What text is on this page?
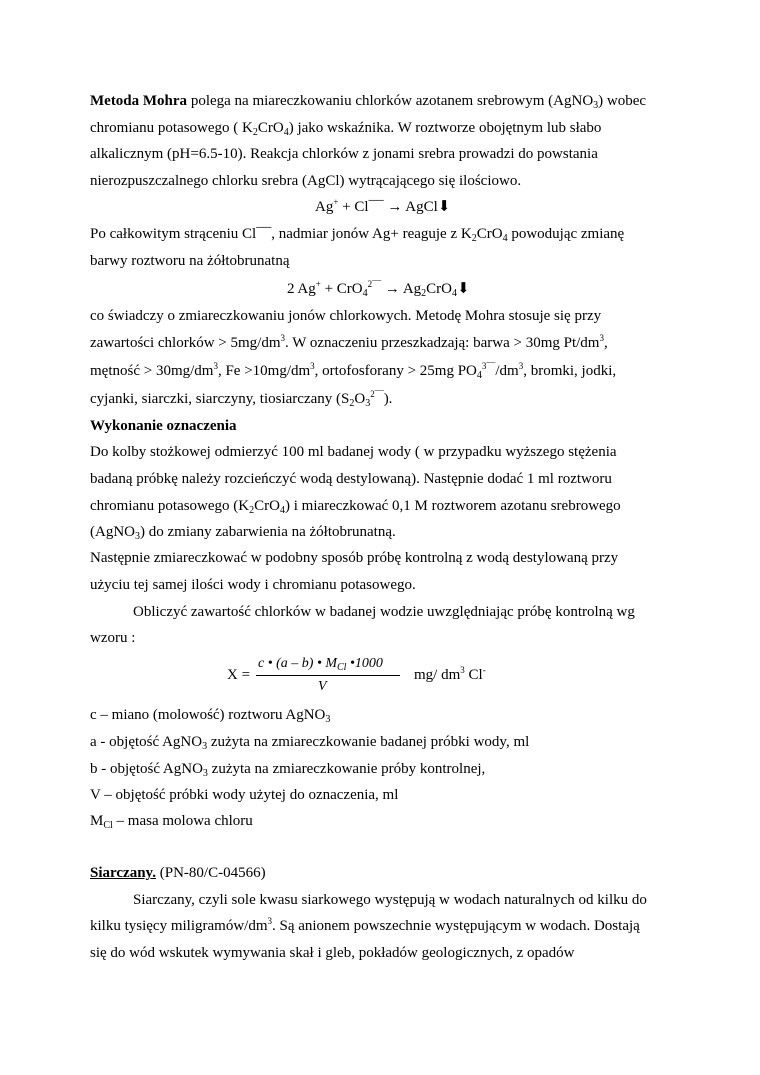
Metoda Mohra polega na miareczkowaniu chlorków azotanem srebrowym (AgNO$_3$) wobec
chromianu potasowego ( $K_2CrO_4$) jako wskaźnika. W roztworze obojętnym lub słabo
alkalicznym (pH=6.5-10). Reakcja chlorków z jonami srebra prowadzi do powstania
nierozpuszczalnego chlorku srebra (AgCl) wytrącającego się ilościowo.
Ag+ + Cl¯¯ → AgCl⬇
Po całkowitym strąceniu Cl¯¯, nadmiar jonów Ag+ reaguje z $K_2CrO_4$ powodując zmianę
barwy roztworu na żółtobrunatną
2 $Ag^+ + CrO_4^{2¯¯} \to Ag_2CrO_4⬇$
co świadczy o zmiareczkowaniu jonów chlorkowych. Metodę Mohra stosuje się przy
zawartości chlorków > $5mg/dm^3$. W oznaczeniu przeszkadzają: barwa > 30mg $Pt/dm^3$,
mętność > $30mg/dm^3$, $Fe >10mg/dm^3$, ortofosforany > 25mg $PO_4^{3¯¯}/dm^3$, bromki, jodki,
cyjanki, siarczki, siarczyny, tiosiarczany $(S_2O_3^{2¯¯})$.
Wykonanie oznaczenia
Do kolby stożkowej odmierzyć 100 ml badanej wody ( w przypadku wyższego stężenia
badaną próbkę należy rozcieńczyć wodą destylowaną). Następnie dodać 1 ml roztworu
chromianu potasowego $(K_2CrO_4)$ i miareczkować 0,1 M roztworem azotanu srebrowego
(AgNO$_3$) do zmiany zabarwienia na żółtobrunatną.
Następnie zmiareczkować w podobny sposób próbę kontrolną z wodą destylowaną przy
użyciu tej samej ilości wody i chromianu potasowego.
Obliczyć zawartość chlorków w badanej wodzie uwzględniając próbę kontrolną wg
wzoru :
X =
c • (a – b) • $M_{Cl}$ •1000
V
mg/ $dm^3$ Cl-
c – miano (molowość) roztworu AgNO$_3$
a - objętość AgNO$_3$ zużyta na zmiareczkowanie badanej próbki wody, ml
b - objętość AgNO$_3$ zużyta na zmiareczkowanie próby kontrolnej,
V – objętość próbki wody użytej do oznaczenia, ml
$M_{Cl}$ – masa molowa chloru
Siarczany. (PN-80/C-04566)
Siarczany, czyli sole kwasu siarkowego występują w wodach naturalnych od kilku do
kilku tysięcy miligramów/$dm^3$. Są anionem powszechnie występującym w wodach. Dostają
się do wód wskutek wymywania skał i gleb, pokładów geologicznych, z opadów
